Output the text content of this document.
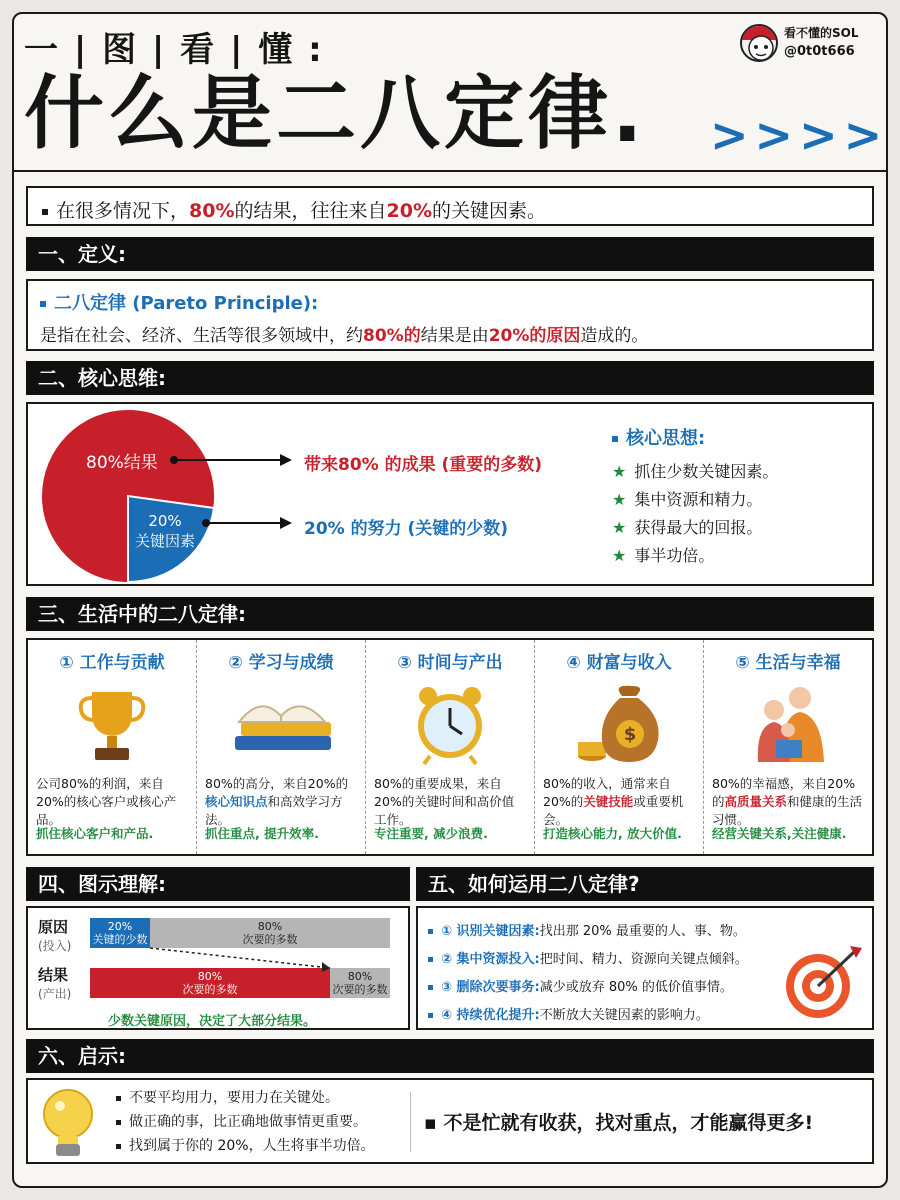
一 | 图 | 看 | 懂 :
什么是二八定律. >>>>
看不懂的SOL
@0t0t666
在很多情况下，80%的结果，往往来自20%的关键因素。
一、定义:
二八定律 (Pareto Principle):
是指在社会、经济、生活等很多领域中，约80%的结果是由20%的原因造成的。
二、核心思维:
80%结果
20%
关键因素
带来80% 的成果 (重要的多数)
20% 的努力 (关键的少数)
核心思想:
★ 抓住少数关键因素。
★ 集中资源和精力。
★ 获得最大的回报。
★ 事半功倍。
三、生活中的二八定律:
① 工作与贡献
公司80%的利润，来自20%的核心客户或核心产品。
抓住核心客户和产品.
② 学习与成绩
80%的高分，来自20%的核心知识点和高效学习方法。
抓住重点, 提升效率.
③ 时间与产出
80%的重要成果，来自20%的关键时间和高价值工作。
专注重要, 减少浪费.
④ 财富与收入
$
80%的收入，通常来自20%的关键技能或重要机会。
打造核心能力, 放大价值.
⑤ 生活与幸福
80%的幸福感，来自20%的高质量关系和健康的生活习惯。
经营关键关系,关注健康.
四、图示理解:
原因
(投入)
结果
(产出)
20%
关键的少数
80%
次要的多数
80%
次要的多数
80%
次要的多数
少数关键原因，决定了大部分结果。
五、如何运用二八定律?
① 识别关键因素:找出那 20% 最重要的人、事、物。
② 集中资源投入:把时间、精力、资源向关键点倾斜。
③ 删除次要事务:减少或放弃 80% 的低价值事情。
④ 持续优化提升:不断放大关键因素的影响力。
六、启示:
不要平均用力，要用力在关键处。
做正确的事，比正确地做事情更重要。
找到属于你的 20%，人生将事半功倍。
▪ 不是忙就有收获，找对重点，才能赢得更多!
